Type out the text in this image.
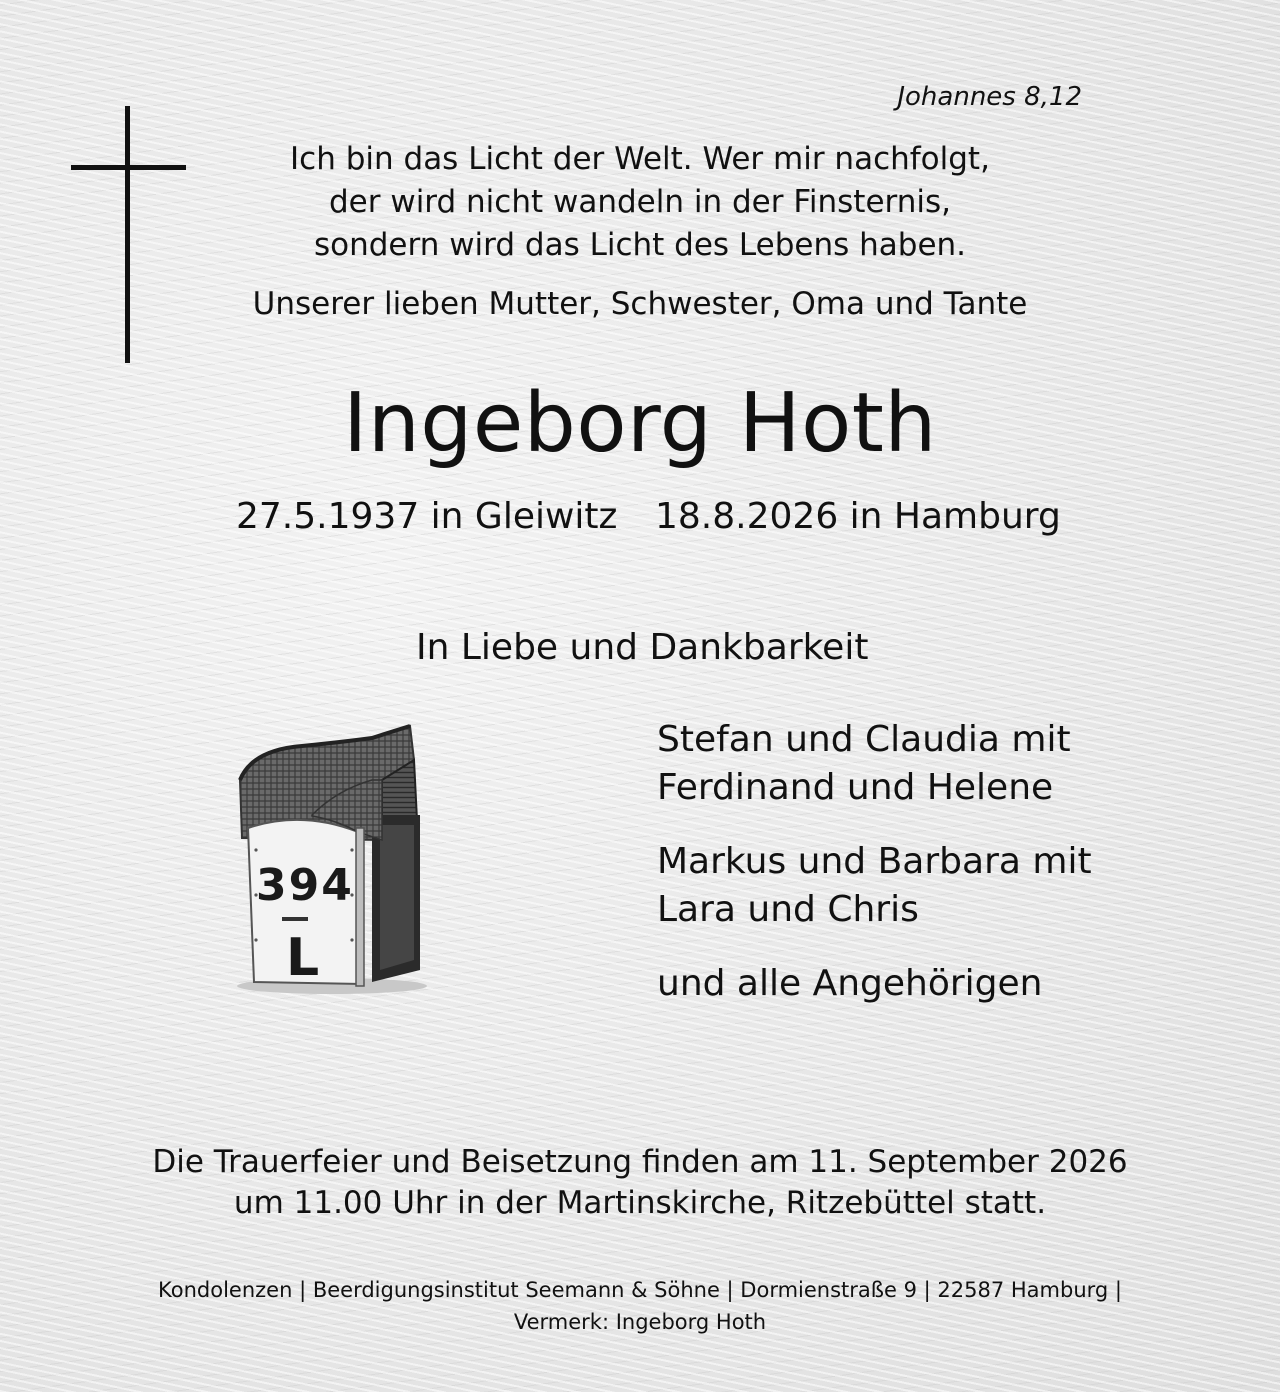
Johannes 8,12
Ich bin das Licht der Welt. Wer mir nachfolgt,
der wird nicht wandeln in der Finsternis,
sondern wird das Licht des Lebens haben.
Unserer lieben Mutter, Schwester, Oma und Tante
Ingeborg Hoth
27.5.1937 in Gleiwitz 18.8.2026 in Hamburg
In Liebe und Dankbarkeit
394
L
Stefan und Claudia mit
Ferdinand und Helene
Markus und Barbara mit
Lara und Chris
und alle Angehörigen
Die Trauerfeier und Beisetzung finden am 11. September 2026
um 11.00 Uhr in der Martinskirche, Ritzebüttel statt.
Kondolenzen | Beerdigungsinstitut Seemann & Söhne | Dormienstraße 9 | 22587 Hamburg |
Vermerk: Ingeborg Hoth
